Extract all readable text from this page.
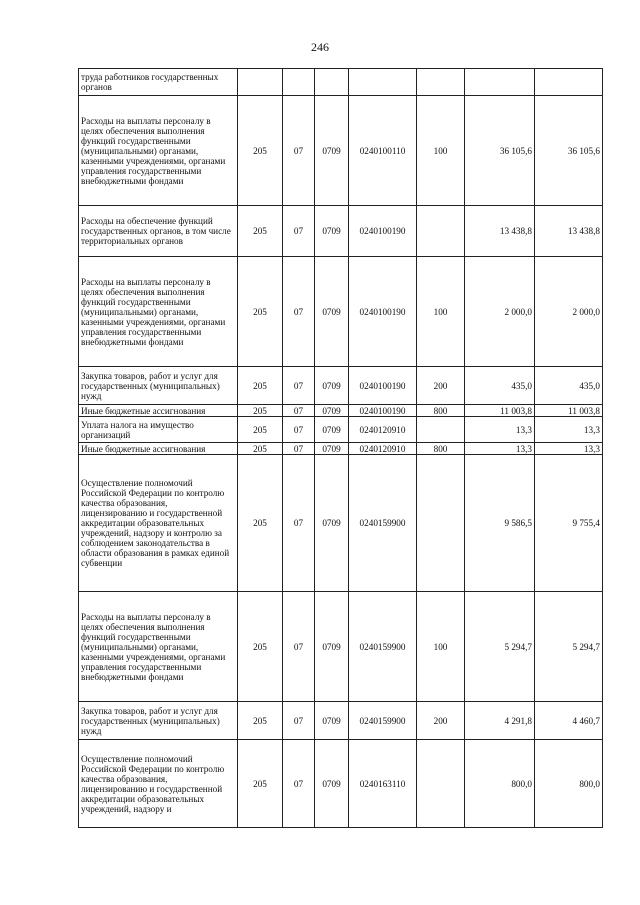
246
труда работников государственных органов							
Расходы на выплаты персоналу в целях обеспечения выполнения функций государственными (муниципальными) органами, казенными учреждениями, органами управления государственными внебюджетными фондами	205	07	0709	0240100110	100	36 105,6	36 105,6
Расходы на обеспечение функций государственных органов, в том числе территориальных органов	205	07	0709	0240100190		13 438,8	13 438,8
Расходы на выплаты персоналу в целях обеспечения выполнения функций государственными (муниципальными) органами, казенными учреждениями, органами управления государственными внебюджетными фондами	205	07	0709	0240100190	100	2 000,0	2 000,0
Закупка товаров, работ и услуг для государственных (муниципальных) нужд	205	07	0709	0240100190	200	435,0	435,0
Иные бюджетные ассигнования	205	07	0709	0240100190	800	11 003,8	11 003,8
Уплата налога на имущество организаций	205	07	0709	0240120910		13,3	13,3
Иные бюджетные ассигнования	205	07	0709	0240120910	800	13,3	13,3
Осуществление полномочий Российской Федерации по контролю качества образования, лицензированию и государственной аккредитации образовательных учреждений, надзору и контролю за соблюдением законодательства в области образования в рамках единой субвенции	205	07	0709	0240159900		9 586,5	9 755,4
Расходы на выплаты персоналу в целях обеспечения выполнения функций государственными (муниципальными) органами, казенными учреждениями, органами управления государственными внебюджетными фондами	205	07	0709	0240159900	100	5 294,7	5 294,7
Закупка товаров, работ и услуг для государственных (муниципальных) нужд	205	07	0709	0240159900	200	4 291,8	4 460,7
Осуществление полномочий Российской Федерации по контролю качества образования, лицензированию и государственной аккредитации образовательных учреждений, надзору и	205	07	0709	0240163110		800,0	800,0
